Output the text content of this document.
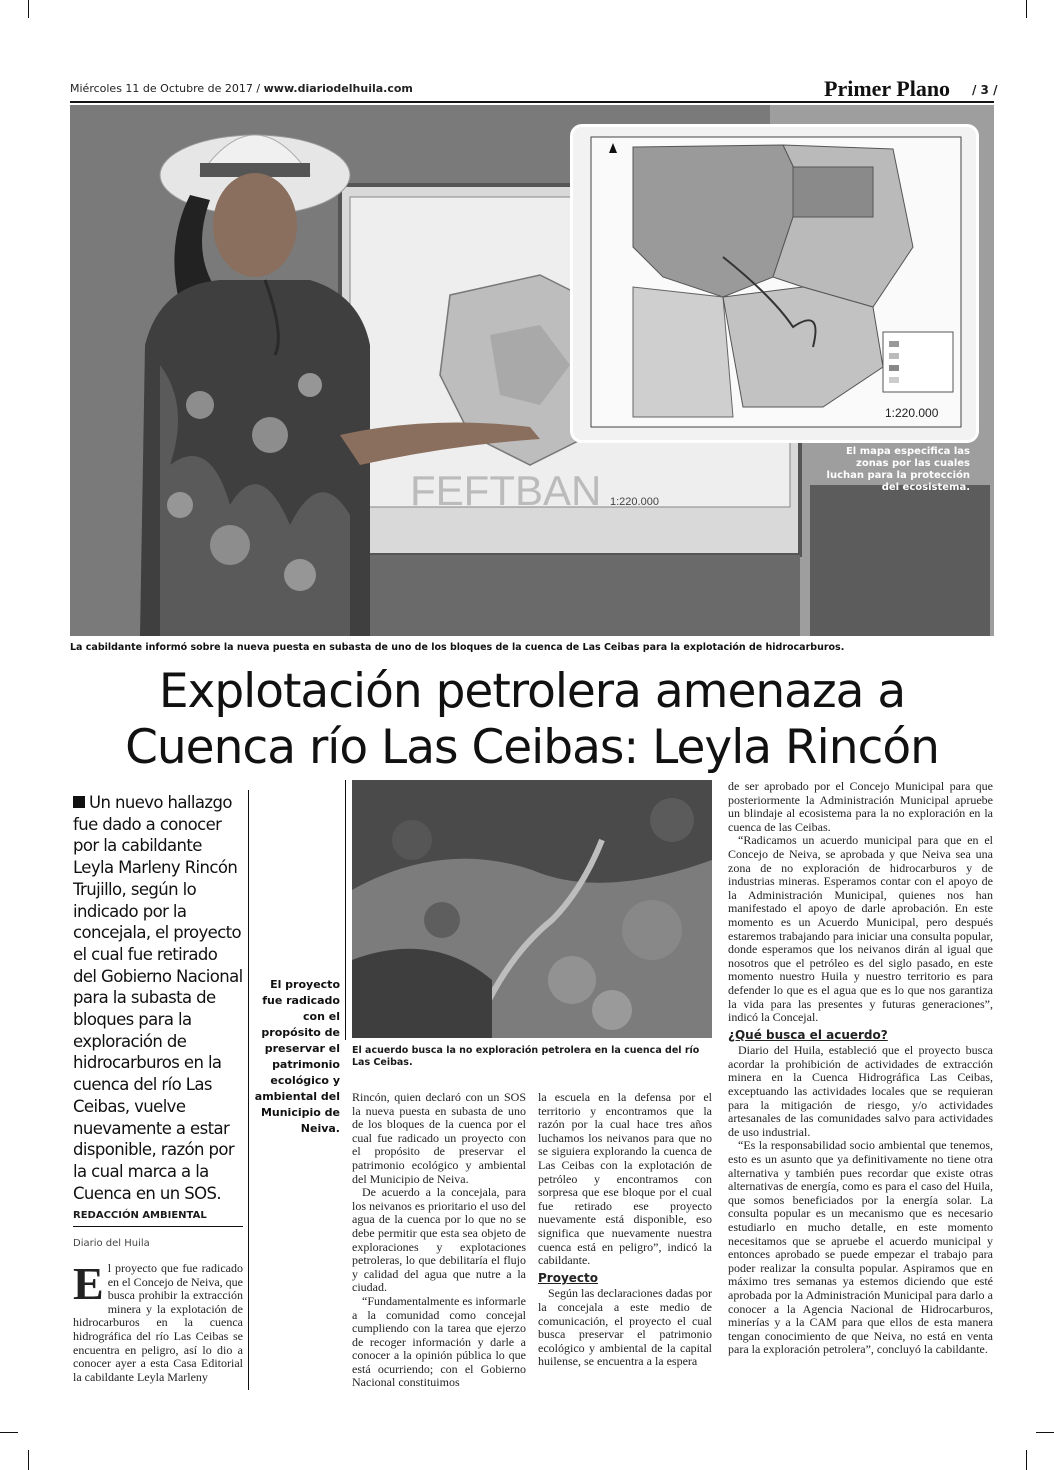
Miércoles 11 de Octubre de 2017 / www.diariodelhuila.com	Primer Plano / 3 /
FEFTBAN 1:220.000
1:220.000
El mapa especifica las zonas por las cuales luchan para la protección del ecosistema.
La cabildante informó sobre la nueva puesta en subasta de uno de los bloques de la cuenca de Las Ceibas para la explotación de hidrocarburos.
Explotación petrolera amenaza a
Cuenca río Las Ceibas: Leyla Rincón
Un nuevo hallazgo fue dado a conocer por la cabildante Leyla Marleny Rincón Trujillo, según lo indicado por la concejala, el proyecto el cual fue retirado del Gobierno Nacional para la subasta de bloques para la exploración de hidrocarburos en la cuenca del río Las Ceibas, vuelve nuevamente a estar disponible, razón por la cual marca a la Cuenca en un SOS.
REDACCIÓN AMBIENTAL
Diario del Huila
El proyecto que fue radicado en el Concejo de Neiva, que busca prohibir la extracción minera y la explotación de hidrocarburos en la cuenca hidrográfica del río Las Ceibas se encuentra en peligro, así lo dio a conocer ayer a esta Casa Editorial la cabildante Leyla Marleny
El proyecto fue radicado con el propósito de preservar el patrimonio ecológico y ambiental del Municipio de Neiva.
El acuerdo busca la no exploración petrolera en la cuenca del río Las Ceibas.

Rincón, quien declaró con un SOS la nueva puesta en subasta de uno de los bloques de la cuenca por el cual fue radicado un proyecto con el propósito de preservar el patrimonio ecológico y ambiental del Municipio de Neiva.

De acuerdo a la concejala, para los neivanos es prioritario el uso del agua de la cuenca por lo que no se debe permitir que esta sea objeto de exploraciones y explotaciones petroleras, lo que debilitaría el flujo y calidad del agua que nutre a la ciudad.

“Fundamentalmente es informarle a la comunidad como concejal cumpliendo con la tarea que ejerzo de recoger información y darle a conocer a la opinión pública lo que está ocurriendo; con el Gobierno Nacional constituimos

la escuela en la defensa por el territorio y encontramos que la razón por la cual hace tres años luchamos los neivanos para que no se siguiera explorando la cuenca de Las Ceibas con la explotación de petróleo y encontramos con sorpresa que ese bloque por el cual fue retirado ese proyecto nuevamente está disponible, eso significa que nuevamente nuestra cuenca está en peligro”, indicó la cabildante.

Proyecto

Según las declaraciones dadas por la concejala a este medio de comunicación, el proyecto el cual busca preservar el patrimonio ecológico y ambiental de la capital huilense, se encuentra a la espera

de ser aprobado por el Concejo Municipal para que posteriormente la Administración Municipal apruebe un blindaje al ecosistema para la no exploración en la cuenca de las Ceibas.

“Radicamos un acuerdo municipal para que en el Concejo de Neiva, se aprobada y que Neiva sea una zona de no exploración de hidrocarburos y de industrias mineras. Esperamos contar con el apoyo de la Administración Municipal, quienes nos han manifestado el apoyo de darle aprobación. En este momento es un Acuerdo Municipal, pero después estaremos trabajando para iniciar una consulta popular, donde esperamos que los neivanos dirán al igual que nosotros que el petróleo es del siglo pasado, en este momento nuestro Huila y nuestro territorio es para defender lo que es el agua que es lo que nos garantiza la vida para las presentes y futuras generaciones”, indicó la Concejal.

¿Qué busca el acuerdo?

Diario del Huila, estableció que el proyecto busca acordar la prohibición de actividades de extracción minera en la Cuenca Hidrográfica Las Ceibas, exceptuando las actividades locales que se requieran para la mitigación de riesgo, y/o actividades artesanales de las comunidades salvo para actividades de uso industrial.

“Es la responsabilidad socio ambiental que tenemos, esto es un asunto que ya definitivamente no tiene otra alternativa y también pues recordar que existe otras alternativas de energía, como es para el caso del Huila, que somos beneficiados por la energía solar. La consulta popular es un mecanismo que es necesario estudiarlo en mucho detalle, en este momento necesitamos que se apruebe el acuerdo municipal y entonces aprobado se puede empezar el trabajo para poder realizar la consulta popular. Aspiramos que en máximo tres semanas ya estemos diciendo que esté aprobada por la Administración Municipal para darlo a conocer a la Agencia Nacional de Hidrocarburos, minerías y a la CAM para que ellos de esta manera tengan conocimiento de que Neiva, no está en venta para la exploración petrolera”, concluyó la cabildante.
